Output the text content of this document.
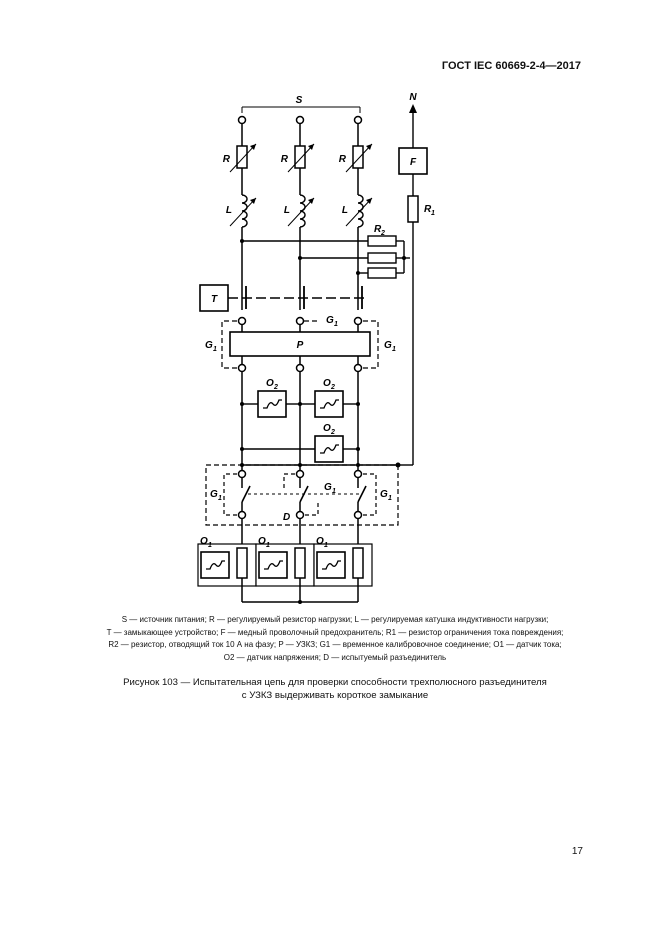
ГОСТ IEC 60669-2-4—2017
S
R
L
R
L
R
L
R 2
N
F
R 1
T
G 1	G 1
G 1
P
O 2	O 2
O 2
D
G 1
G 1	G 1
O 1	O 1	O 1
S — источник питания; R — регулируемый резистор нагрузки; L — регулируемая катушка индуктивности нагрузки;
T — замыкающее устройство; F — медный проволочный предохранитель; R1 — резистор ограничения тока повреждения;
R2 — резистор, отводящий ток 10 А на фазу; P — УЗКЗ; G1 — временное калибровочное соединение; O1 — датчик тока;
O2 — датчик напряжения; D — испытуемый разъединитель
Рисунок 103 — Испытательная цепь для проверки способности трехполюсного разъединителя
с УЗКЗ выдерживать короткое замыкание
17
